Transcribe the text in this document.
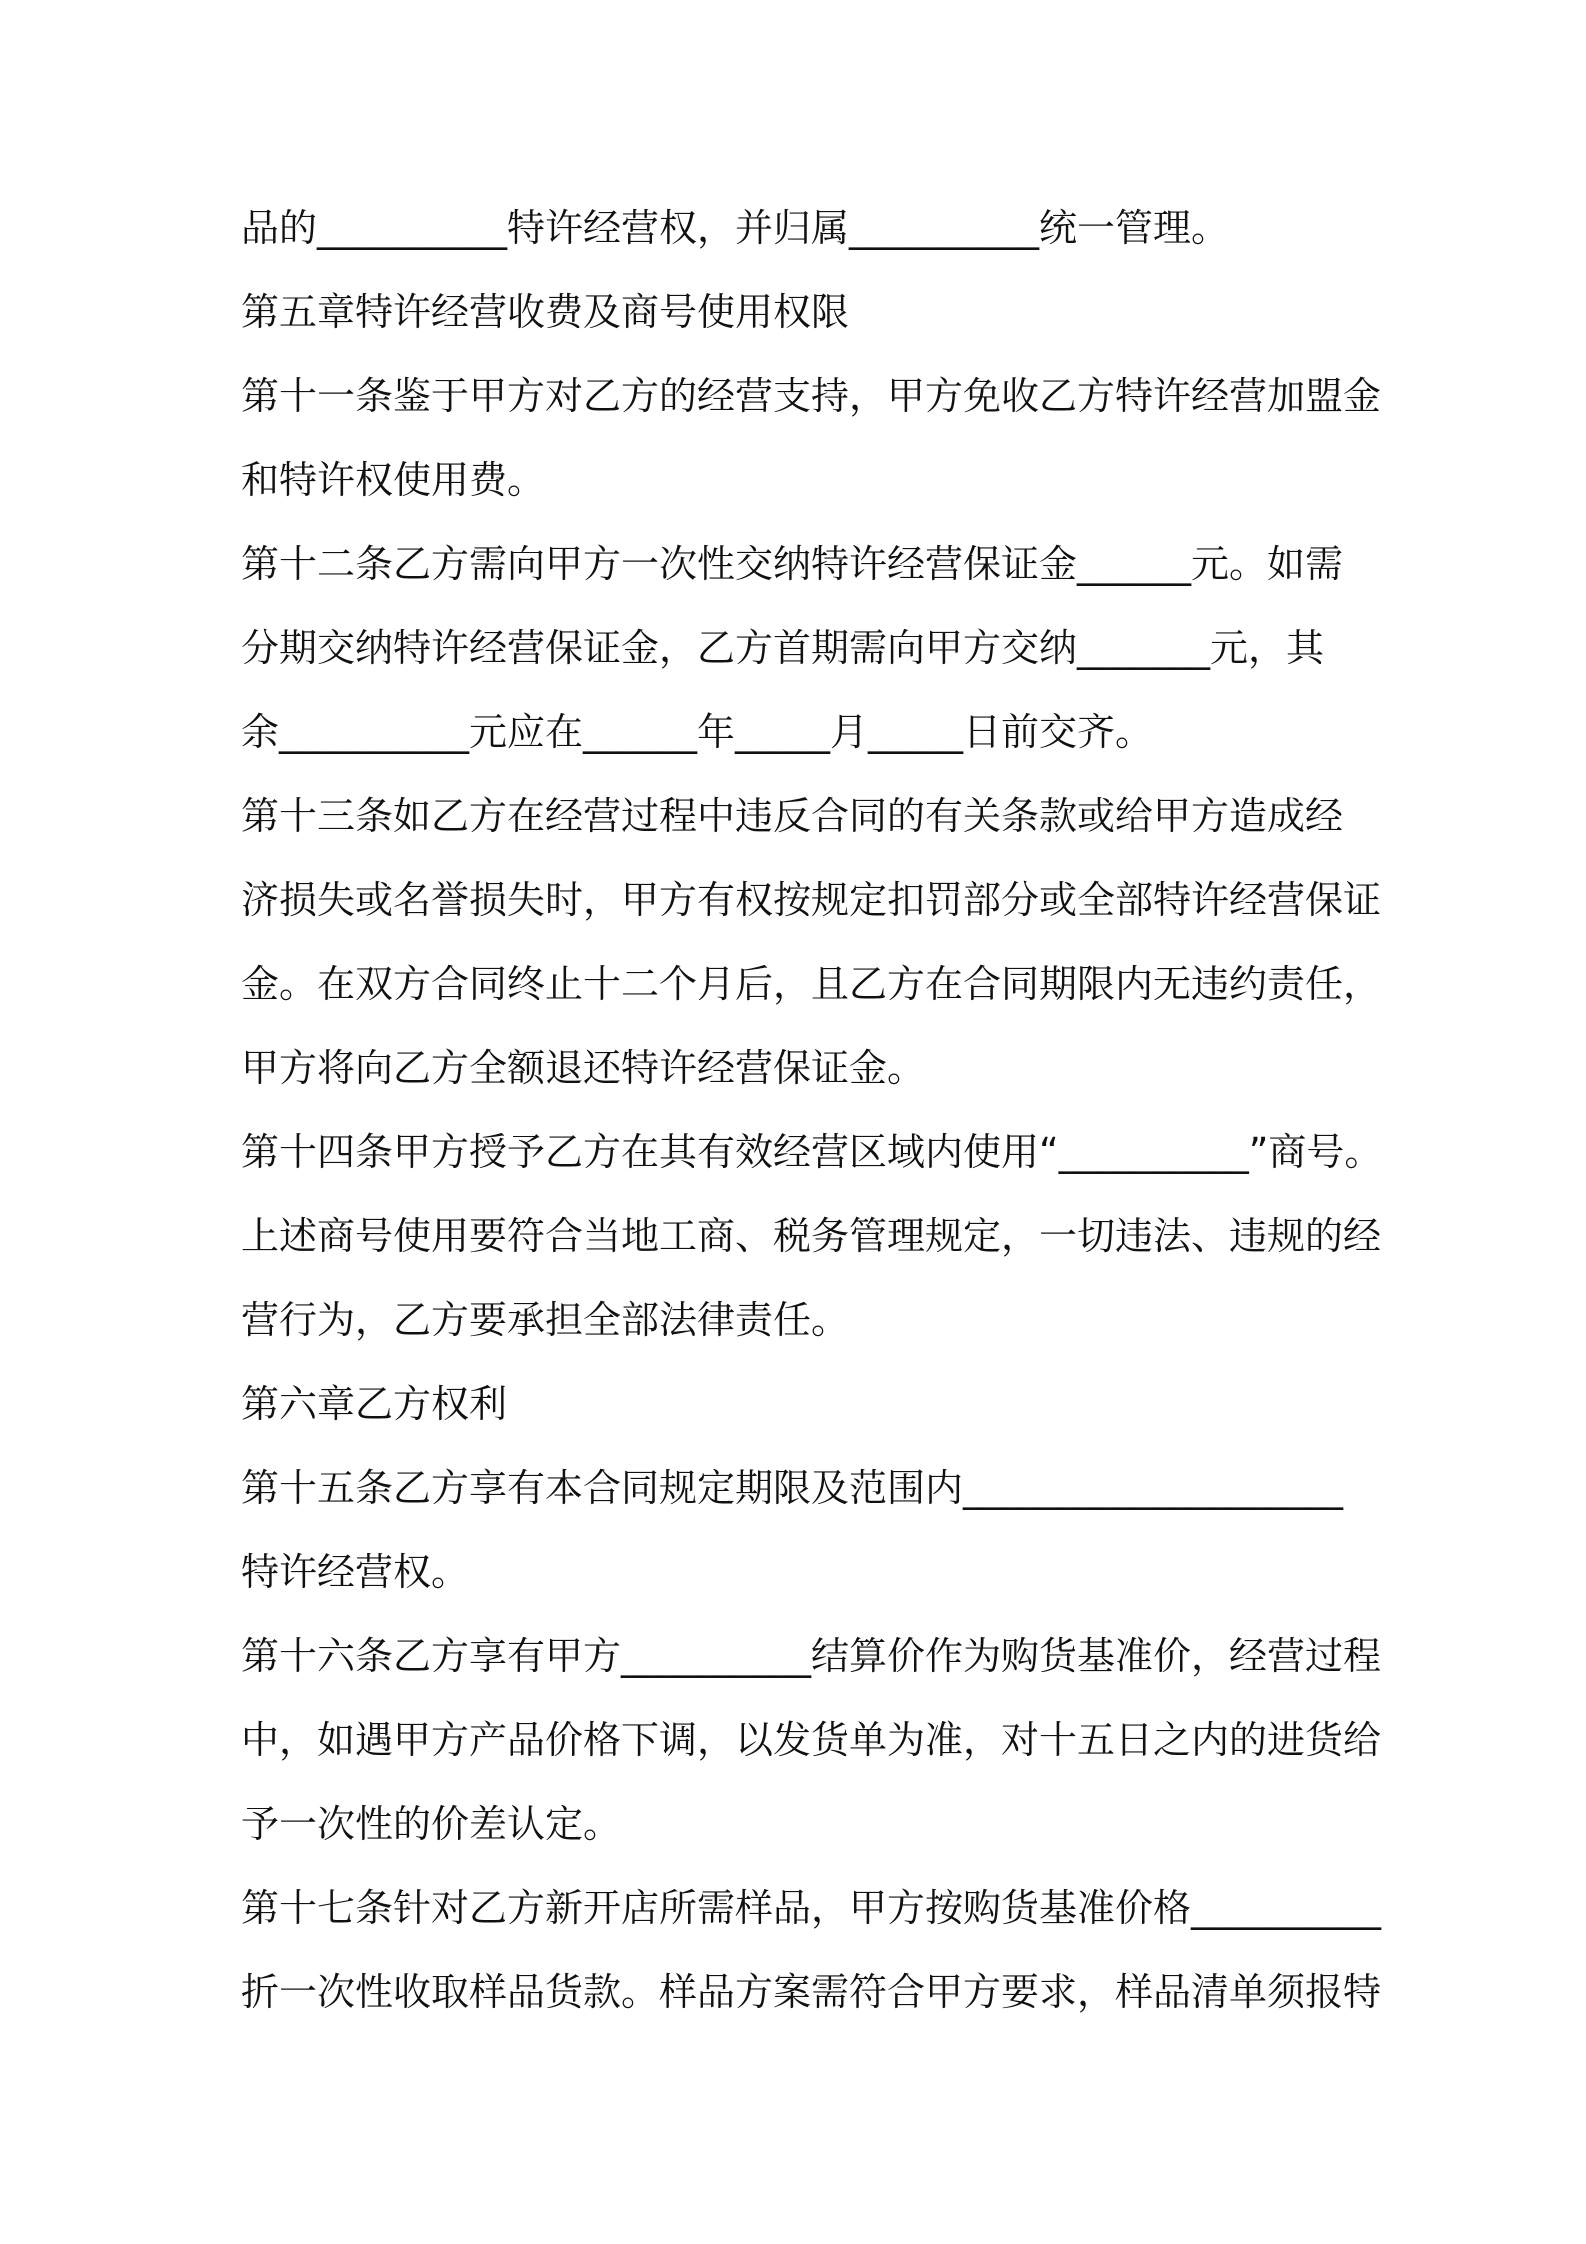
品的__________特许经营权，并归属__________统一管理。
第五章特许经营收费及商号使用权限
第十一条鉴于甲方对乙方的经营支持，甲方免收乙方特许经营加盟金
和特许权使用费。
第十二条乙方需向甲方一次性交纳特许经营保证金______元。如需
分期交纳特许经营保证金，乙方首期需向甲方交纳_______元，其
余__________元应在______年_____月_____日前交齐。
第十三条如乙方在经营过程中违反合同的有关条款或给甲方造成经
济损失或名誉损失时，甲方有权按规定扣罚部分或全部特许经营保证
金。在双方合同终止十二个月后，且乙方在合同期限内无违约责任，
甲方将向乙方全额退还特许经营保证金。
第十四条甲方授予乙方在其有效经营区域内使用“__________”商号。
上述商号使用要符合当地工商、税务管理规定，一切违法、违规的经
营行为，乙方要承担全部法律责任。
第六章乙方权利
第十五条乙方享有本合同规定期限及范围内____________________
特许经营权。
第十六条乙方享有甲方__________结算价作为购货基准价，经营过程
中，如遇甲方产品价格下调，以发货单为准，对十五日之内的进货给
予一次性的价差认定。
第十七条针对乙方新开店所需样品，甲方按购货基准价格__________
折一次性收取样品货款。样品方案需符合甲方要求，样品清单须报特
